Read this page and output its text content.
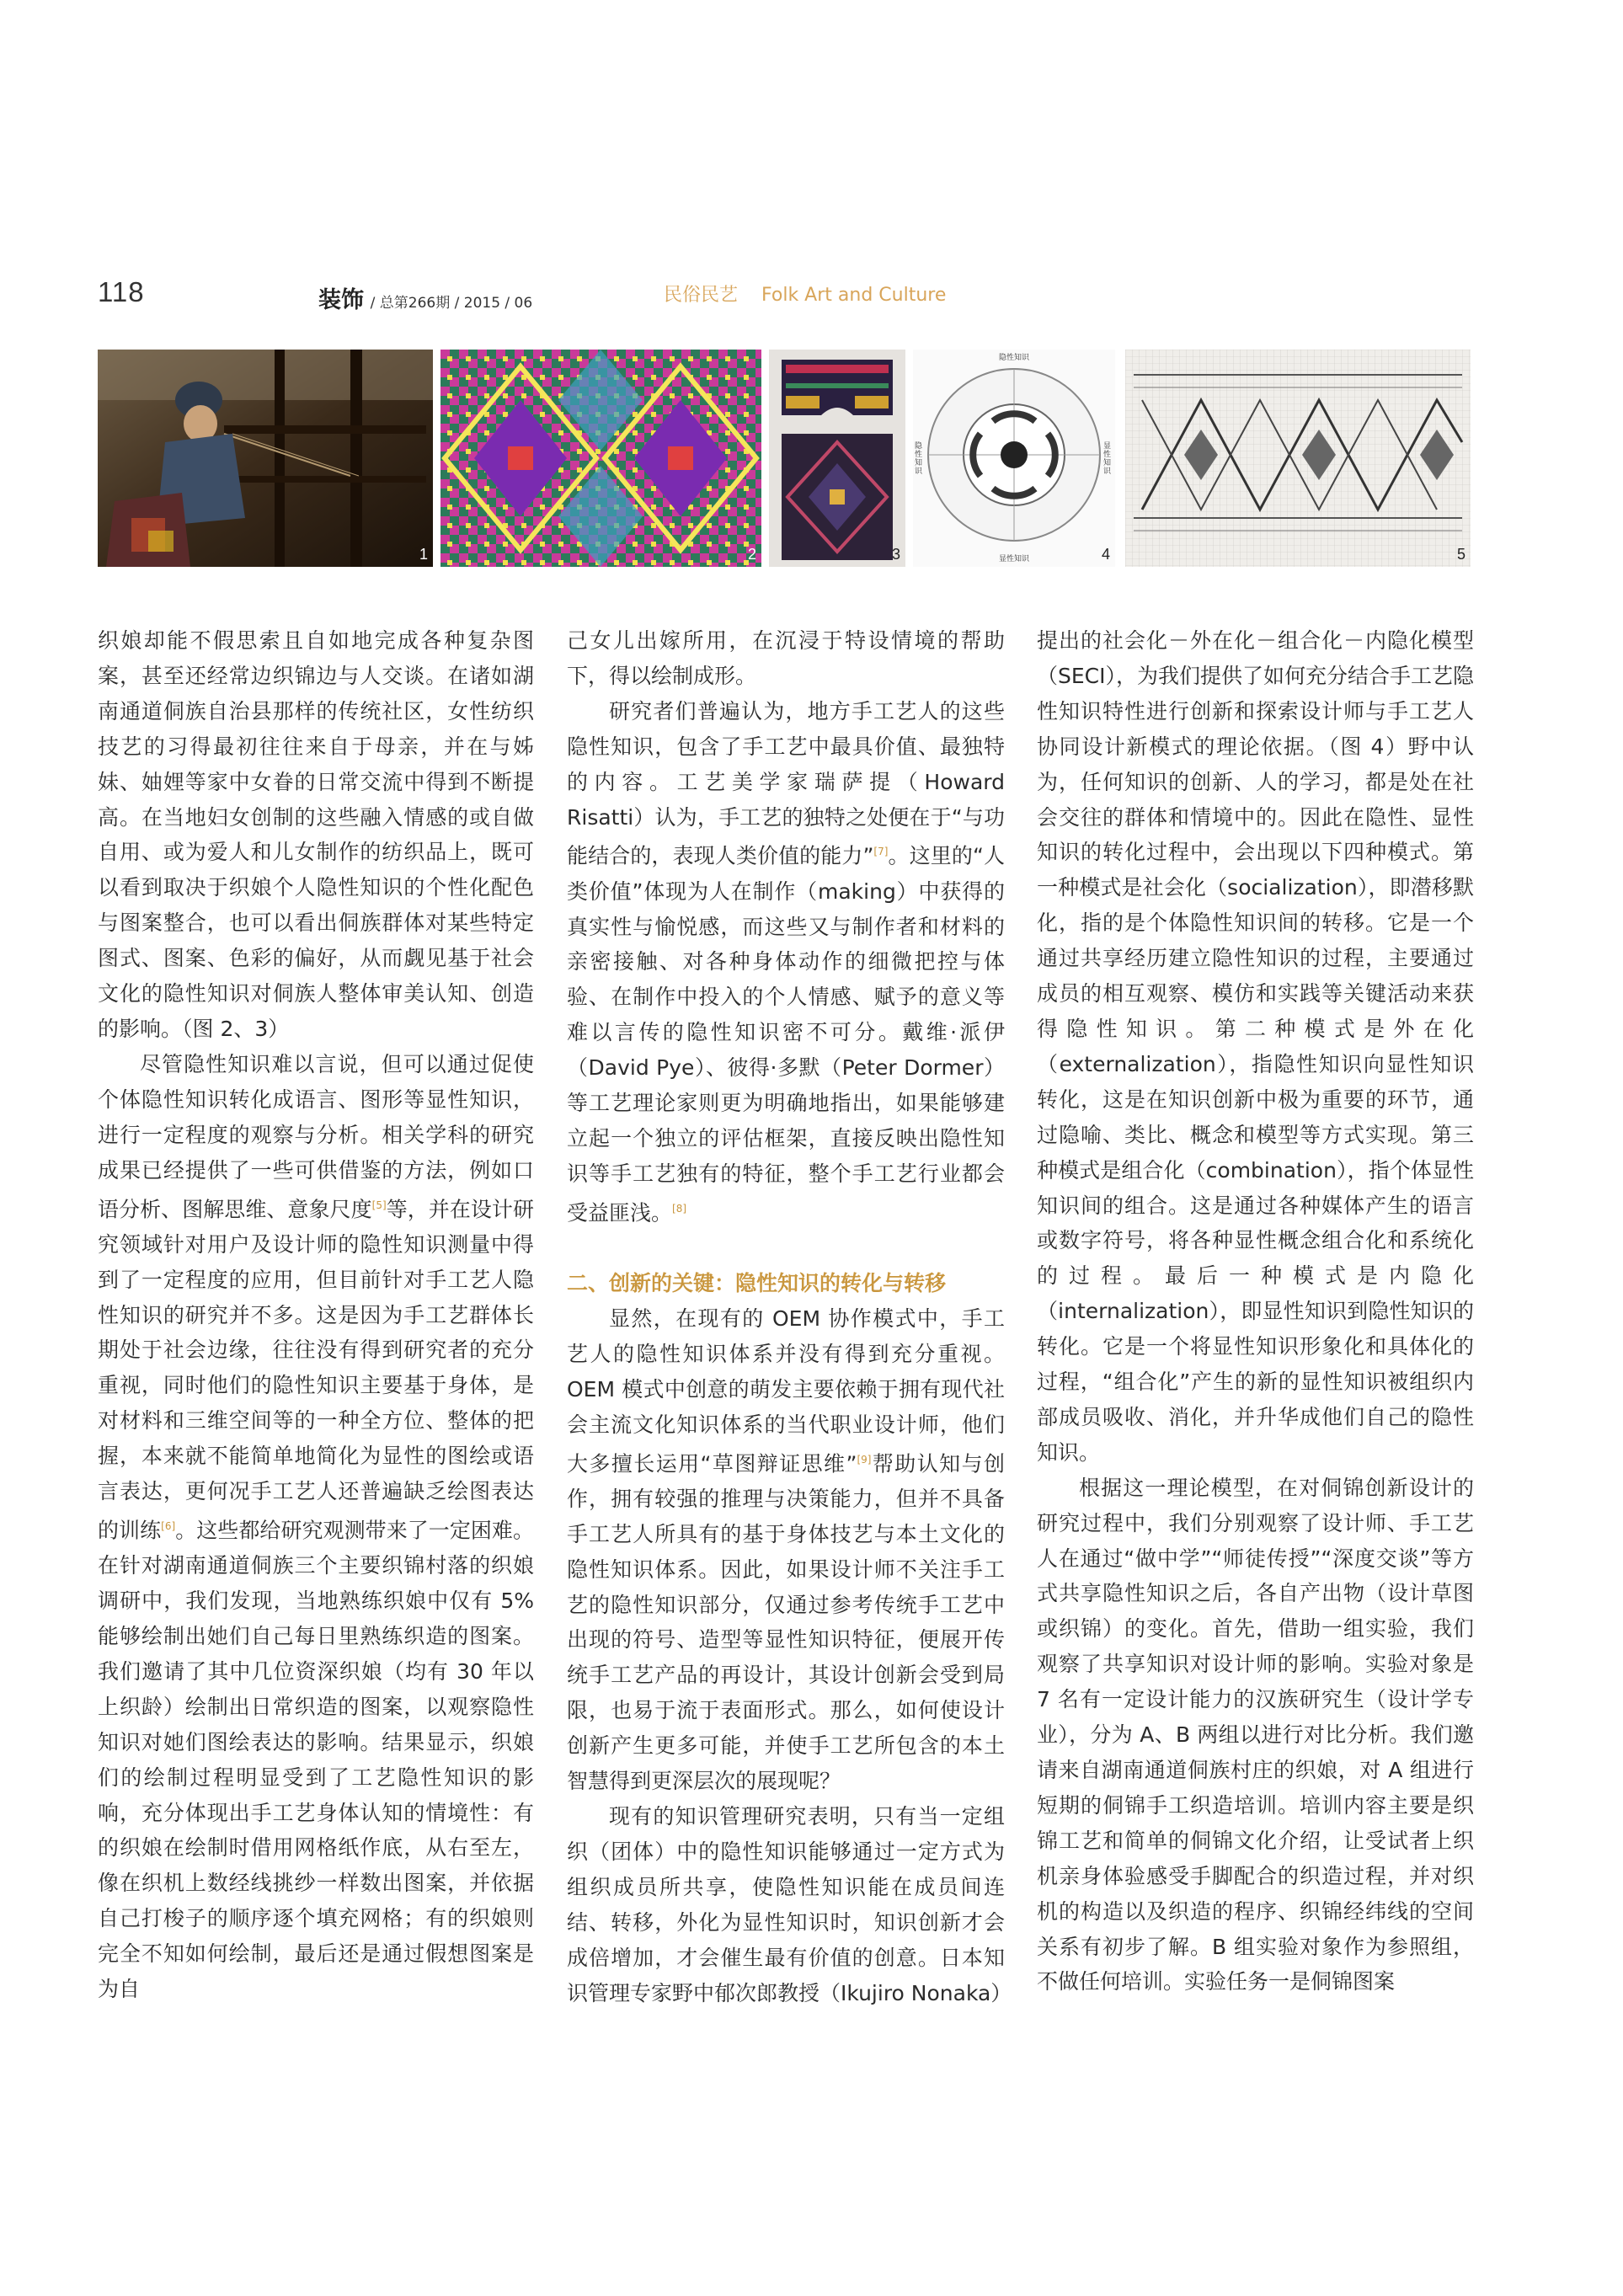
118	装饰 / 总第266期 / 2015 / 06	民俗民艺 Folk Art and Culture
1	2	3
隐性知识
显性知识
隐性知识
显性知识
4	5

织娘却能不假思索且自如地完成各种复杂图案，甚至还经常边织锦边与人交谈。在诸如湖南通道侗族自治县那样的传统社区，女性纺织技艺的习得最初往往来自于母亲，并在与姊妹、妯娌等家中女眷的日常交流中得到不断提高。在当地妇女创制的这些融入情感的或自做自用、或为爱人和儿女制作的纺织品上，既可以看到取决于织娘个人隐性知识的个性化配色与图案整合，也可以看出侗族群体对某些特定图式、图案、色彩的偏好，从而觑见基于社会文化的隐性知识对侗族人整体审美认知、创造的影响。（图 2、3）

尽管隐性知识难以言说，但可以通过促使个体隐性知识转化成语言、图形等显性知识，进行一定程度的观察与分析。相关学科的研究成果已经提供了一些可供借鉴的方法，例如口语分析、图解思维、意象尺度[5]等，并在设计研究领域针对用户及设计师的隐性知识测量中得到了一定程度的应用，但目前针对手工艺人隐性知识的研究并不多。这是因为手工艺群体长期处于社会边缘，往往没有得到研究者的充分重视，同时他们的隐性知识主要基于身体，是对材料和三维空间等的一种全方位、整体的把握，本来就不能简单地简化为显性的图绘或语言表达，更何况手工艺人还普遍缺乏绘图表达的训练[6]。这些都给研究观测带来了一定困难。在针对湖南通道侗族三个主要织锦村落的织娘调研中，我们发现，当地熟练织娘中仅有 5% 能够绘制出她们自己每日里熟练织造的图案。我们邀请了其中几位资深织娘（均有 30 年以上织龄）绘制出日常织造的图案，以观察隐性知识对她们图绘表达的影响。结果显示，织娘们的绘制过程明显受到了工艺隐性知识的影响，充分体现出手工艺身体认知的情境性：有的织娘在绘制时借用网格纸作底，从右至左，像在织机上数经线挑纱一样数出图案，并依据自己打梭子的顺序逐个填充网格；有的织娘则完全不知如何绘制，最后还是通过假想图案是为自

己女儿出嫁所用，在沉浸于特设情境的帮助下，得以绘制成形。

研究者们普遍认为，地方手工艺人的这些隐性知识，包含了手工艺中最具价值、最独特的内容。工艺美学家瑞萨提（Howard Risatti）认为，手工艺的独特之处便在于“与功能结合的，表现人类价值的能力”[7]。这里的“人类价值”体现为人在制作（making）中获得的真实性与愉悦感，而这些又与制作者和材料的亲密接触、对各种身体动作的细微把控与体验、在制作中投入的个人情感、赋予的意义等难以言传的隐性知识密不可分。戴维·派伊（David Pye）、彼得·多默（Peter Dormer）等工艺理论家则更为明确地指出，如果能够建立起一个独立的评估框架，直接反映出隐性知识等手工艺独有的特征，整个手工艺行业都会受益匪浅。[8]

二、创新的关键：隐性知识的转化与转移

显然，在现有的 OEM 协作模式中，手工艺人的隐性知识体系并没有得到充分重视。OEM 模式中创意的萌发主要依赖于拥有现代社会主流文化知识体系的当代职业设计师，他们大多擅长运用“草图辩证思维”[9]帮助认知与创作，拥有较强的推理与决策能力，但并不具备手工艺人所具有的基于身体技艺与本土文化的隐性知识体系。因此，如果设计师不关注手工艺的隐性知识部分，仅通过参考传统手工艺中出现的符号、造型等显性知识特征，便展开传统手工艺产品的再设计，其设计创新会受到局限，也易于流于表面形式。那么，如何使设计创新产生更多可能，并使手工艺所包含的本土智慧得到更深层次的展现呢？

现有的知识管理研究表明，只有当一定组织（团体）中的隐性知识能够通过一定方式为组织成员所共享，使隐性知识能在成员间连结、转移，外化为显性知识时，知识创新才会成倍增加，才会催生最有价值的创意。日本知识管理专家野中郁次郎教授（Ikujiro Nonaka）

提出的社会化－外在化－组合化－内隐化模型（SECI），为我们提供了如何充分结合手工艺隐性知识特性进行创新和探索设计师与手工艺人协同设计新模式的理论依据。（图 4）野中认为，任何知识的创新、人的学习，都是处在社会交往的群体和情境中的。因此在隐性、显性知识的转化过程中，会出现以下四种模式。第一种模式是社会化（socialization），即潜移默化，指的是个体隐性知识间的转移。它是一个通过共享经历建立隐性知识的过程，主要通过成员的相互观察、模仿和实践等关键活动来获得隐性知识。第二种模式是外在化（externalization），指隐性知识向显性知识转化，这是在知识创新中极为重要的环节，通过隐喻、类比、概念和模型等方式实现。第三种模式是组合化（combination），指个体显性知识间的组合。这是通过各种媒体产生的语言或数字符号，将各种显性概念组合化和系统化的过程。最后一种模式是内隐化（internalization），即显性知识到隐性知识的转化。它是一个将显性知识形象化和具体化的过程，“组合化”产生的新的显性知识被组织内部成员吸收、消化，并升华成他们自己的隐性知识。

根据这一理论模型，在对侗锦创新设计的研究过程中，我们分别观察了设计师、手工艺人在通过“做中学”“师徒传授”“深度交谈”等方式共享隐性知识之后，各自产出物（设计草图或织锦）的变化。首先，借助一组实验，我们观察了共享知识对设计师的影响。实验对象是 7 名有一定设计能力的汉族研究生（设计学专业），分为 A、B 两组以进行对比分析。我们邀请来自湖南通道侗族村庄的织娘，对 A 组进行短期的侗锦手工织造培训。培训内容主要是织锦工艺和简单的侗锦文化介绍，让受试者上织机亲身体验感受手脚配合的织造过程，并对织机的构造以及织造的程序、织锦经纬线的空间关系有初步了解。B 组实验对象作为参照组，不做任何培训。实验任务一是侗锦图案
